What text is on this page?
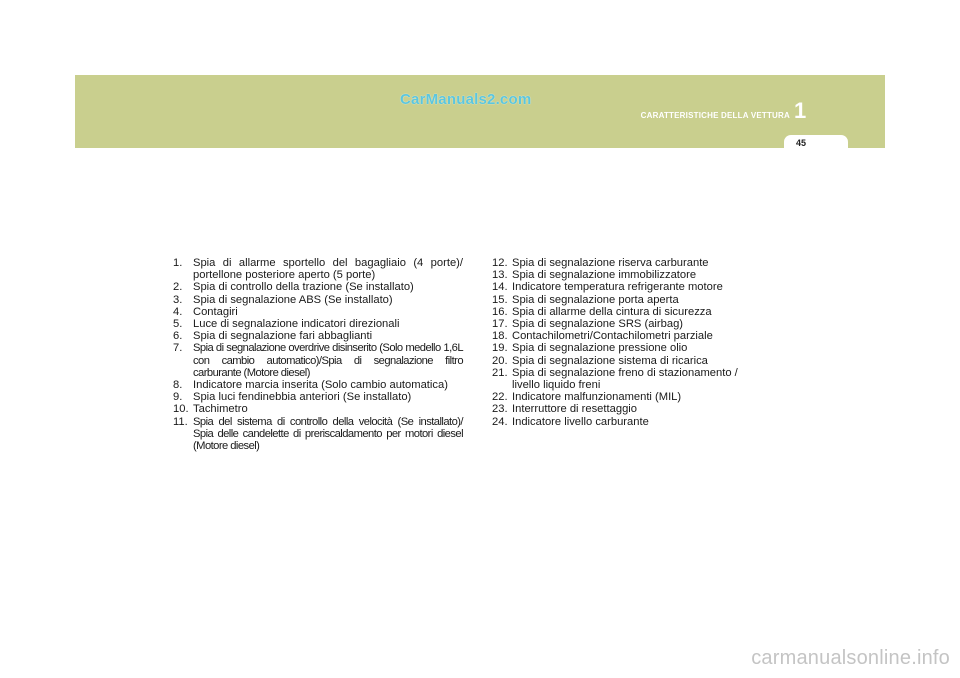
CarManuals2.com
CARATTERISTICHE DELLA VETTURA 1
45
1. Spia di allarme sportello del bagagliaio (4 porte)/ portellone posteriore aperto (5 porte)
2. Spia di controllo della trazione (Se installato)
3. Spia di segnalazione ABS (Se installato)
4. Contagiri
5. Luce di segnalazione indicatori direzionali
6. Spia di segnalazione fari abbaglianti
7. Spia di segnalazione overdrive disinserito (Solo medello 1,6L con cambio automatico)/Spia di segnalazione filtro carburante (Motore diesel)
8. Indicatore marcia inserita (Solo cambio automatica)
9. Spia luci fendinebbia anteriori (Se installato)
10. Tachimetro
11. Spia del sistema di controllo della velocità (Se installato)/ Spia delle candelette di preriscaldamento per motori diesel (Motore diesel)
12. Spia di segnalazione riserva carburante
13. Spia di segnalazione immobilizzatore
14. Indicatore temperatura refrigerante motore
15. Spia di segnalazione porta aperta
16. Spia di allarme della cintura di sicurezza
17. Spia di segnalazione SRS (airbag)
18. Contachilometri/Contachilometri parziale
19. Spia di segnalazione pressione olio
20. Spia di segnalazione sistema di ricarica
21. Spia di segnalazione freno di stazionamento / livello liquido freni
22. Indicatore malfunzionamenti (MIL)
23. Interruttore di resettaggio
24. Indicatore livello carburante
carmanualsonline.info
